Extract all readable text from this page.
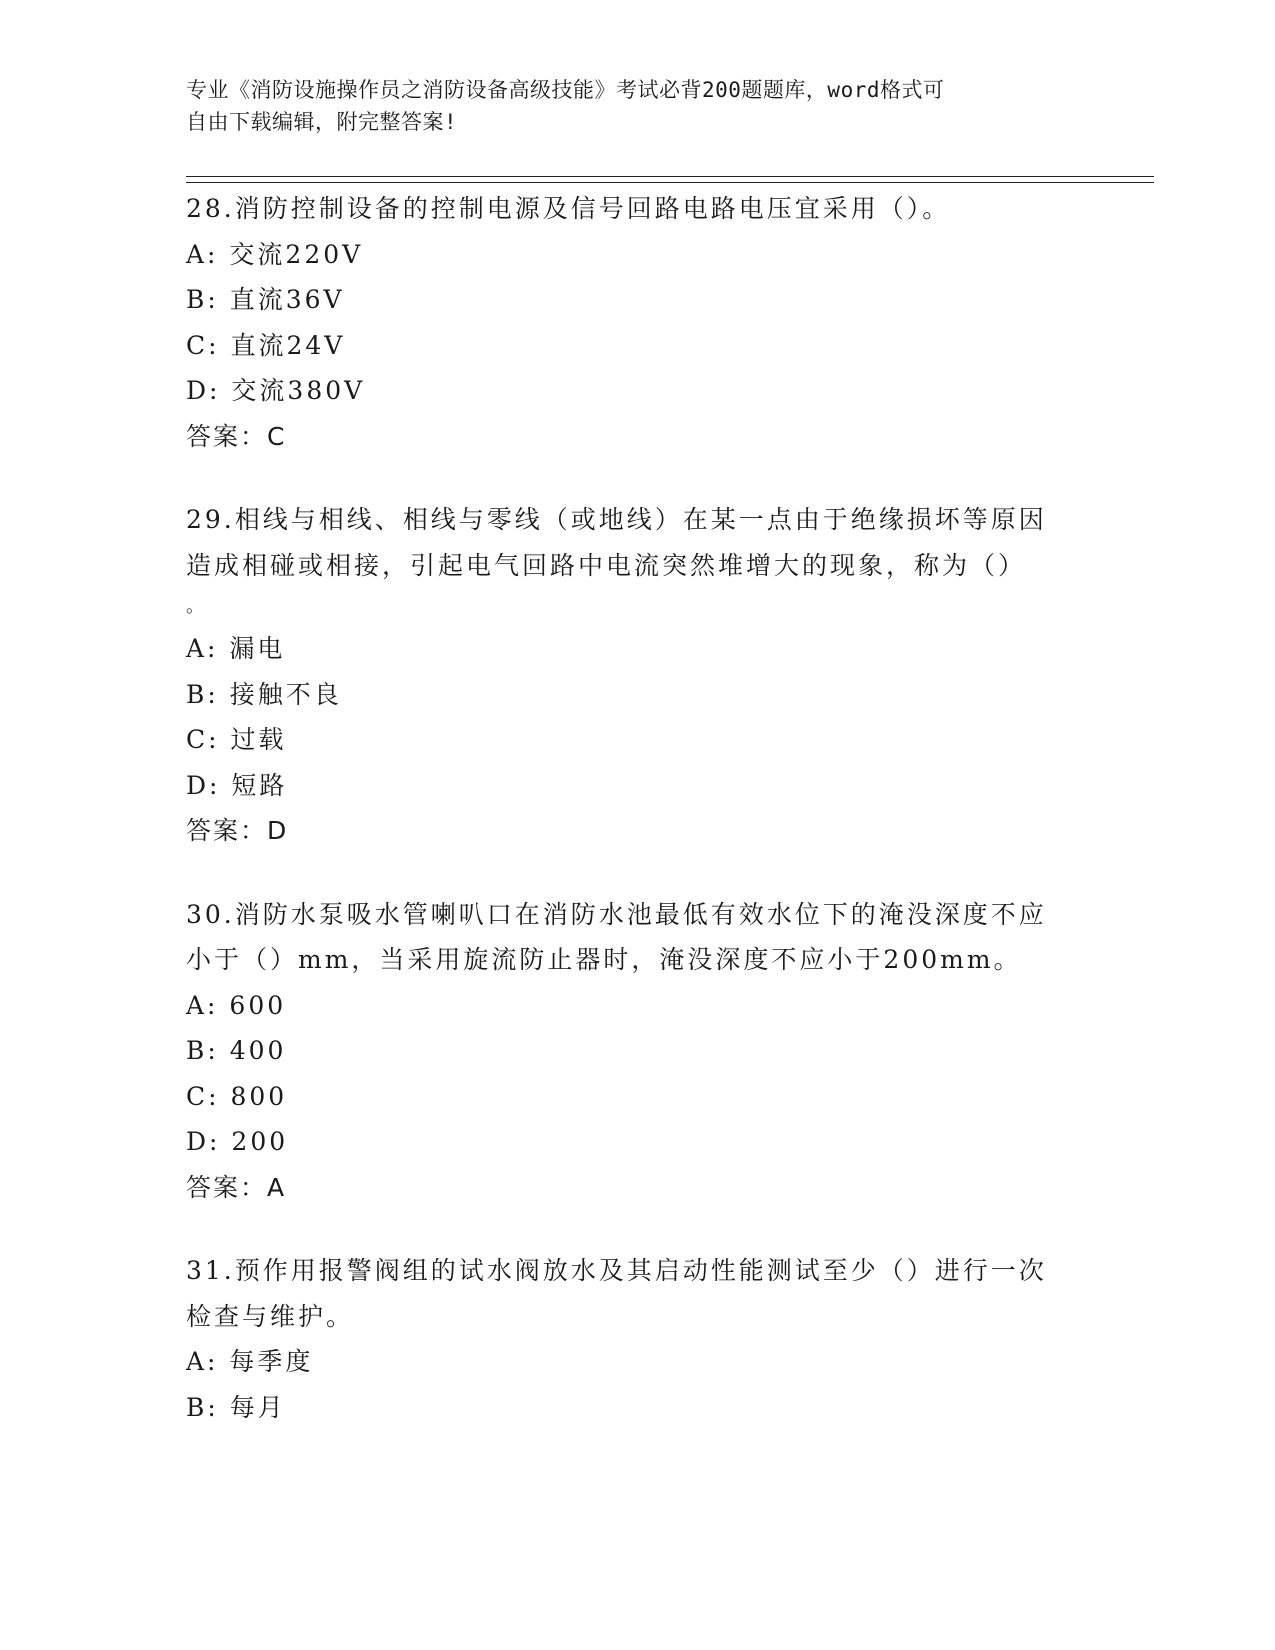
专业《消防设施操作员之消防设备高级技能》考试必背200题题库，word格式可
自由下载编辑，附完整答案!
28.消防控制设备的控制电源及信号回路电路电压宜采用（）。
A: 交流220V
B: 直流36V
C: 直流24V
D: 交流380V
答案：C
29.相线与相线、相线与零线（或地线）在某一点由于绝缘损坏等原因
造成相碰或相接，引起电气回路中电流突然堆增大的现象，称为（）
。
A: 漏电
B: 接触不良
C: 过载
D: 短路
答案：D
30.消防水泵吸水管喇叭口在消防水池最低有效水位下的淹没深度不应
小于（）mm，当采用旋流防止器时，淹没深度不应小于200mm。
A: 600
B: 400
C: 800
D: 200
答案：A
31.预作用报警阀组的试水阀放水及其启动性能测试至少（）进行一次
检查与维护。
A: 每季度
B: 每月
